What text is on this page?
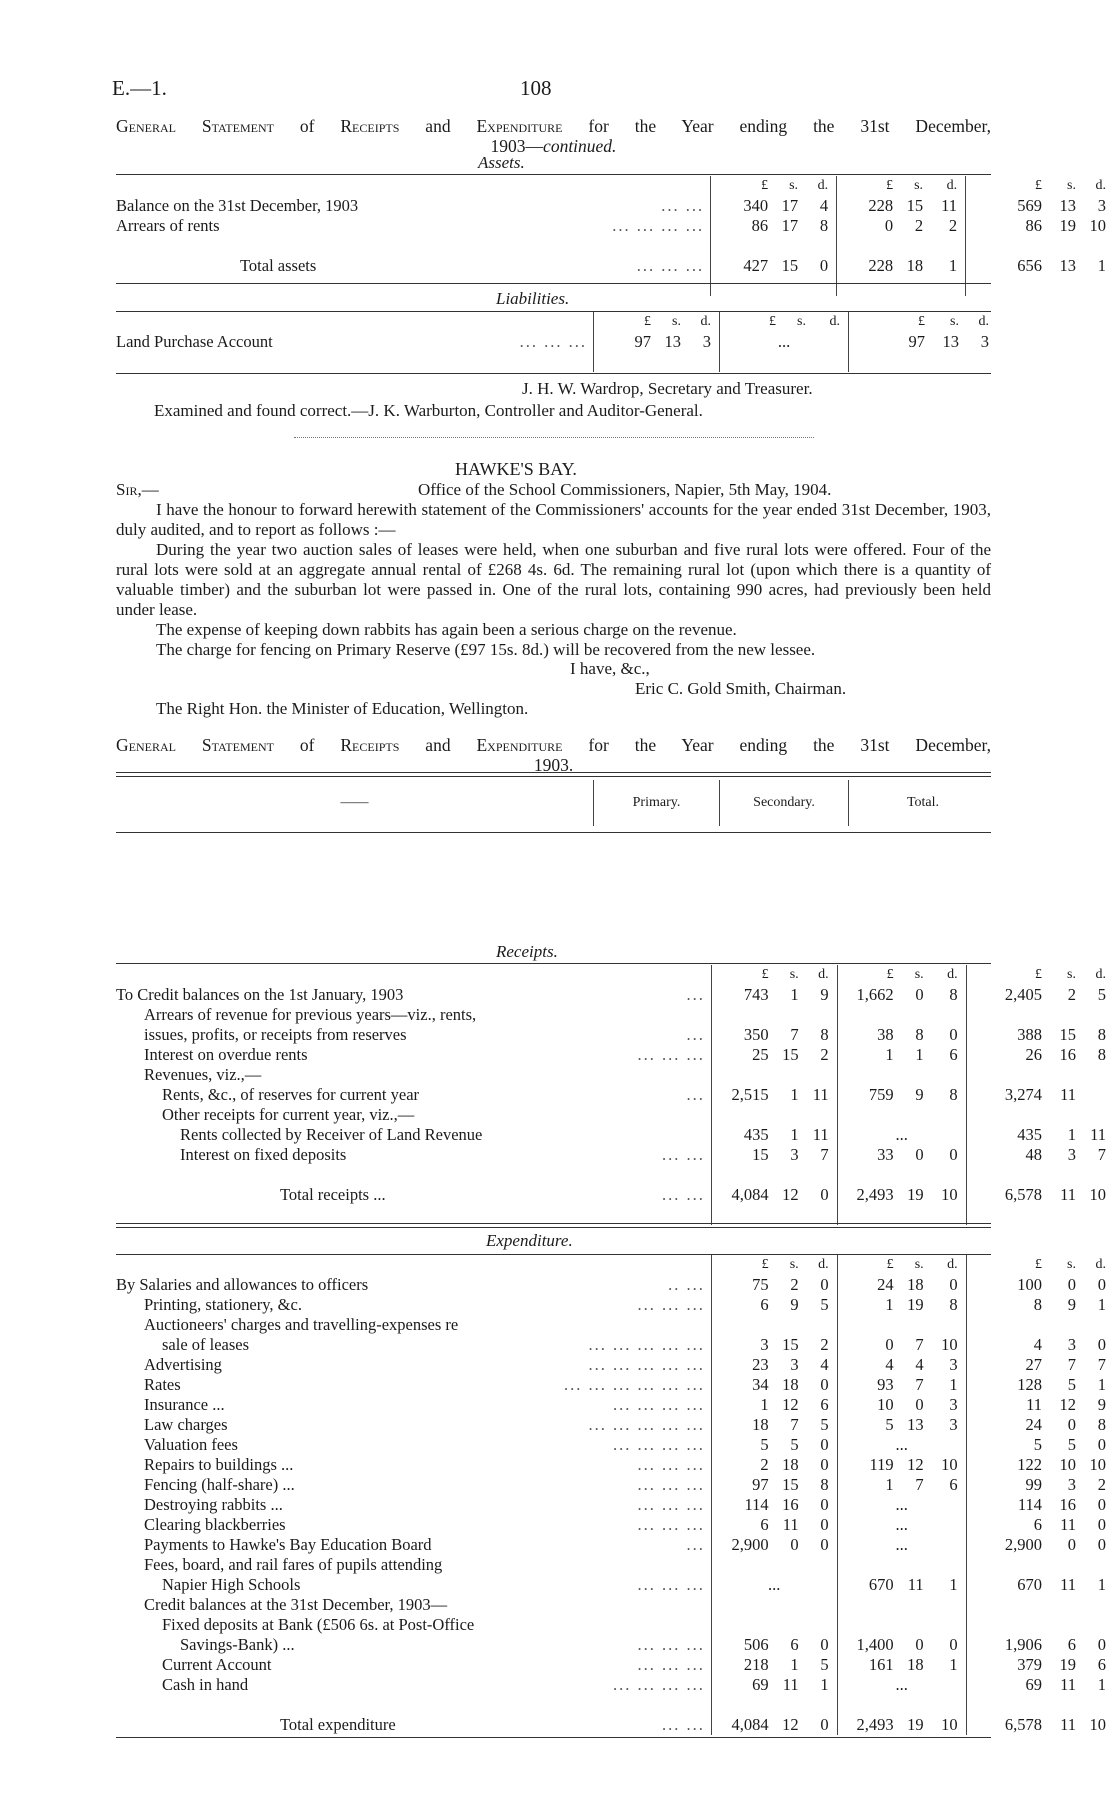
E.—1.	108
General Statement of Receipts and Expenditure for the Year ending the 31st December,
1903—continued.
Assets.

	£ s. d.	£ s. d.	£ s. d.

Balance on the 31st December, 1903 ... ...	340 17 4	228 15 11	569 13 3

Arrears of rents ... ... ... ...	86 17 8	0 2 2	86 19 10

Total assets ... ... ...	427 15 0	228 18 1	656 13 1

Liabilities.

	£ s. d.	£ s. d.	£ s. d.

Land Purchase Account ... ... ...	97 13 3	...	97 13 3

J. H. W. Wardrop, Secretary and Treasurer.
Examined and found correct.—J. K. Warburton, Controller and Auditor-General.
HAWKE'S BAY.
Sir,—	Office of the School Commissioners, Napier, 5th May, 1904.

I have the honour to forward herewith statement of the Commissioners' accounts for the year ended 31st December, 1903, duly audited, and to report as follows :—

During the year two auction sales of leases were held, when one suburban and five rural lots were offered. Four of the rural lots were sold at an aggregate annual rental of £268 4s. 6d. The remaining rural lot (upon which there is a quantity of valuable timber) and the suburban lot were passed in. One of the rural lots, containing 990 acres, had previously been held under lease.

The expense of keeping down rabbits has again been a serious charge on the revenue.

The charge for fencing on Primary Reserve (£97 15s. 8d.) will be recovered from the new lessee.

I have, &c.,
Eric C. Gold Smith, Chairman.
The Right Hon. the Minister of Education, Wellington.
General Statement of Receipts and Expenditure for the Year ending the 31st December,
1903.
——	Primary.	Secondary.	Total.
Receipts.

	£ s. d.	£ s. d.	£ s. d.

To Credit balances on the 1st January, 1903 ...	743 1 9	1,662 0 8	2,405 2 5

Arrears of revenue for previous years—viz., rents,	

issues, profits, or receipts from reserves ...	350 7 8	38 8 0	388 15 8

Interest on overdue rents ... ... ...	25 15 2	1 1 6	26 16 8

Revenues, viz.,—	

Rents, &c., of reserves for current year ...	2,515 1 11	759 9 8	3,274 11

Other receipts for current year, viz.,—	

Rents collected by Receiver of Land Revenue	435 1 11	...	435 1 11

Interest on fixed deposits ... ...	15 3 7	33 0 0	48 3 7

Total receipts ... ... ...	4,084 12 0	2,493 19 10	6,578 11 10

Expenditure.

	£ s. d.	£ s. d.	£ s. d.

By Salaries and allowances to officers .. ...	75 2 0	24 18 0	100 0 0

Printing, stationery, &c. ... ... ...	6 9 5	1 19 8	8 9 1

Auctioneers' charges and travelling-expenses re	

sale of leases ... ... ... ... ...	3 15 2	0 7 10	4 3 0

Advertising ... ... ... ... ...	23 3 4	4 4 3	27 7 7

Rates ... ... ... ... ... ...	34 18 0	93 7 1	128 5 1

Insurance ... ... ... ... ...	1 12 6	10 0 3	11 12 9

Law charges ... ... ... ... ...	18 7 5	5 13 3	24 0 8

Valuation fees ... ... ... ...	5 5 0	...	5 5 0

Repairs to buildings ... ... ... ...	2 18 0	119 12 10	122 10 10

Fencing (half-share) ... ... ... ...	97 15 8	1 7 6	99 3 2

Destroying rabbits ... ... ... ...	114 16 0	...	114 16 0

Clearing blackberries ... ... ...	6 11 0	...	6 11 0

Payments to Hawke's Bay Education Board ...	2,900 0 0	...	2,900 0 0

Fees, board, and rail fares of pupils attending	

Napier High Schools ... ... ...	...	670 11 1	670 11 1

Credit balances at the 31st December, 1903—	

Fixed deposits at Bank (£506 6s. at Post-Office	

Savings-Bank) ... ... ... ...	506 6 0	1,400 0 0	1,906 6 0

Current Account ... ... ...	218 1 5	161 18 1	379 19 6

Cash in hand ... ... ... ...	69 11 1	...	69 11 1

Total expenditure ... ...	4,084 12 0	2,493 19 10	6,578 11 10
